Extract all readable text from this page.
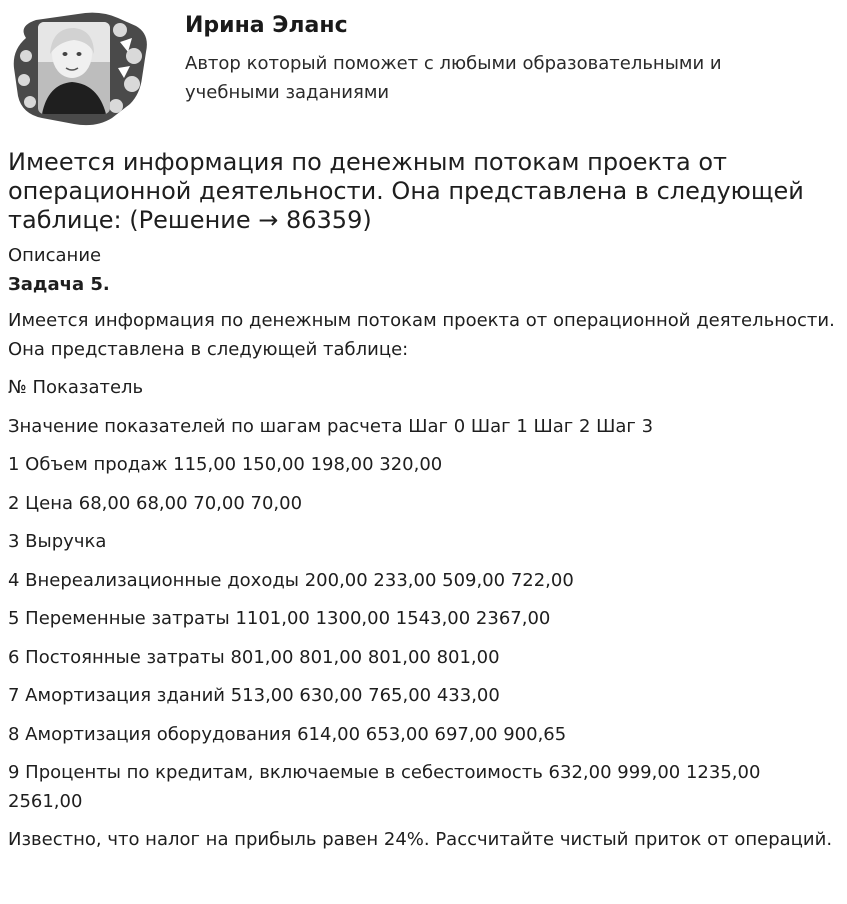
Ирина Эланс

Автор который поможет с любыми образовательными и учебными заданиями

Имеется информация по денежным потокам проекта от операционной деятельности. Она представлена в следующей таблице: (Решение → 86359)
Описание
Задача 5.

Имеется информация по денежным потокам проекта от операционной деятельности. Она представлена в следующей таблице:

№ Показатель

Значение показателей по шагам расчета Шаг 0 Шаг 1 Шаг 2 Шаг 3

1 Объем продаж 115,00 150,00 198,00 320,00

2 Цена 68,00 68,00 70,00 70,00

3 Выручка

4 Внереализационные доходы 200,00 233,00 509,00 722,00

5 Переменные затраты 1101,00 1300,00 1543,00 2367,00

6 Постоянные затраты 801,00 801,00 801,00 801,00

7 Амортизация зданий 513,00 630,00 765,00 433,00

8 Амортизация оборудования 614,00 653,00 697,00 900,65

9 Проценты по кредитам, включаемые в себестоимость 632,00 999,00 1235,00 2561,00

Известно, что налог на прибыль равен 24%. Рассчитайте чистый приток от операций.
